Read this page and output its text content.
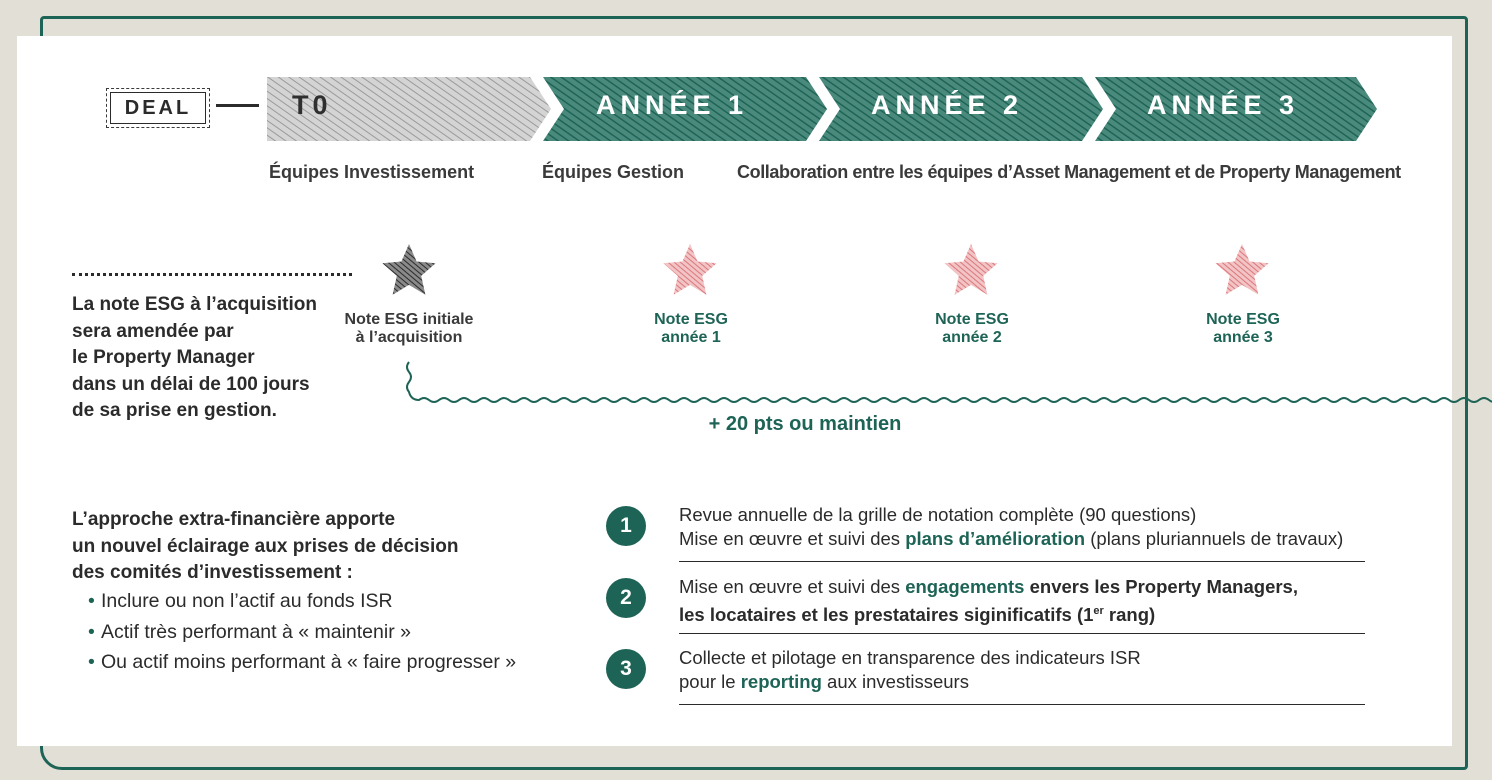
DEAL	T0	ANNÉE 1	ANNÉE 2	ANNÉE 3
Équipes Investissement	Équipes Gestion	Collaboration entre les équipes d’Asset Management et de Property Management
La note ESG à l’acquisition
sera amendée par
le Property Manager
dans un délai de 100 jours
de sa prise en gestion.
Note ESG initiale
à l’acquisition
Note ESG
année 1
Note ESG
année 2
Note ESG
année 3
+ 20 pts ou maintien
L’approche extra-financière apporte
un nouvel éclairage aux prises de décision
des comités d’investissement :
• Inclure ou non l’actif au fonds ISR
• Actif très performant à « maintenir »
• Ou actif moins performant à « faire progresser »
1	Revue annuelle de la grille de notation complète (90 questions)
Mise en œuvre et suivi des plans d’amélioration (plans pluriannuels de travaux)
2	Mise en œuvre et suivi des engagements envers les Property Managers,
les locataires et les prestataires siginificatifs (1er rang)
3	Collecte et pilotage en transparence des indicateurs ISR
pour le reporting aux investisseurs
